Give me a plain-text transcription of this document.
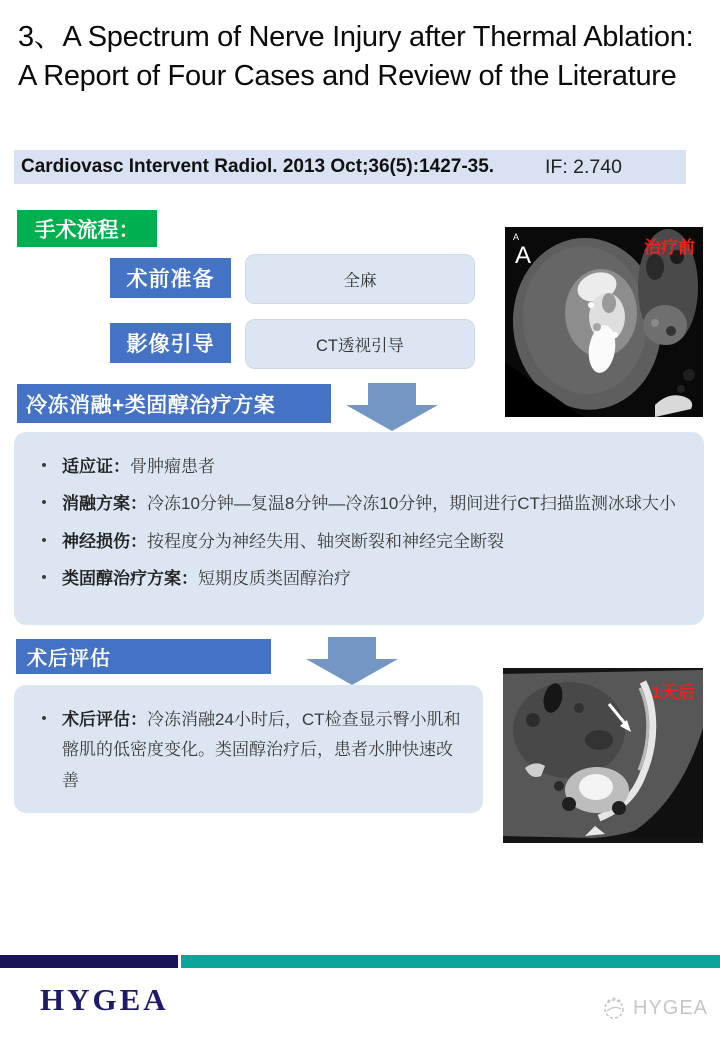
3、A Spectrum of Nerve Injury after Thermal Ablation: A Report of Four Cases and Review of the Literature
Cardiovasc Intervent Radiol. 2013 Oct;36(5):1427-35.	IF: 2.740
手术流程：
术前准备	全麻
影像引导	CT透视引导
冷冻消融+类固醇治疗方案
•
适应证：骨肿瘤患者
•
消融方案：冷冻10分钟—复温8分钟—冷冻10分钟，期间进行CT扫描监测冰球大小
•
神经损伤：按程度分为神经失用、轴突断裂和神经完全断裂
•
类固醇治疗方案：短期皮质类固醇治疗
术后评估
•
术后评估：冷冻消融24小时后，CT检查显示臀小肌和髂肌的低密度变化。类固醇治疗后，患者水肿快速改善
A
A	治疗前
1天后
HYGEA	HYGEA
